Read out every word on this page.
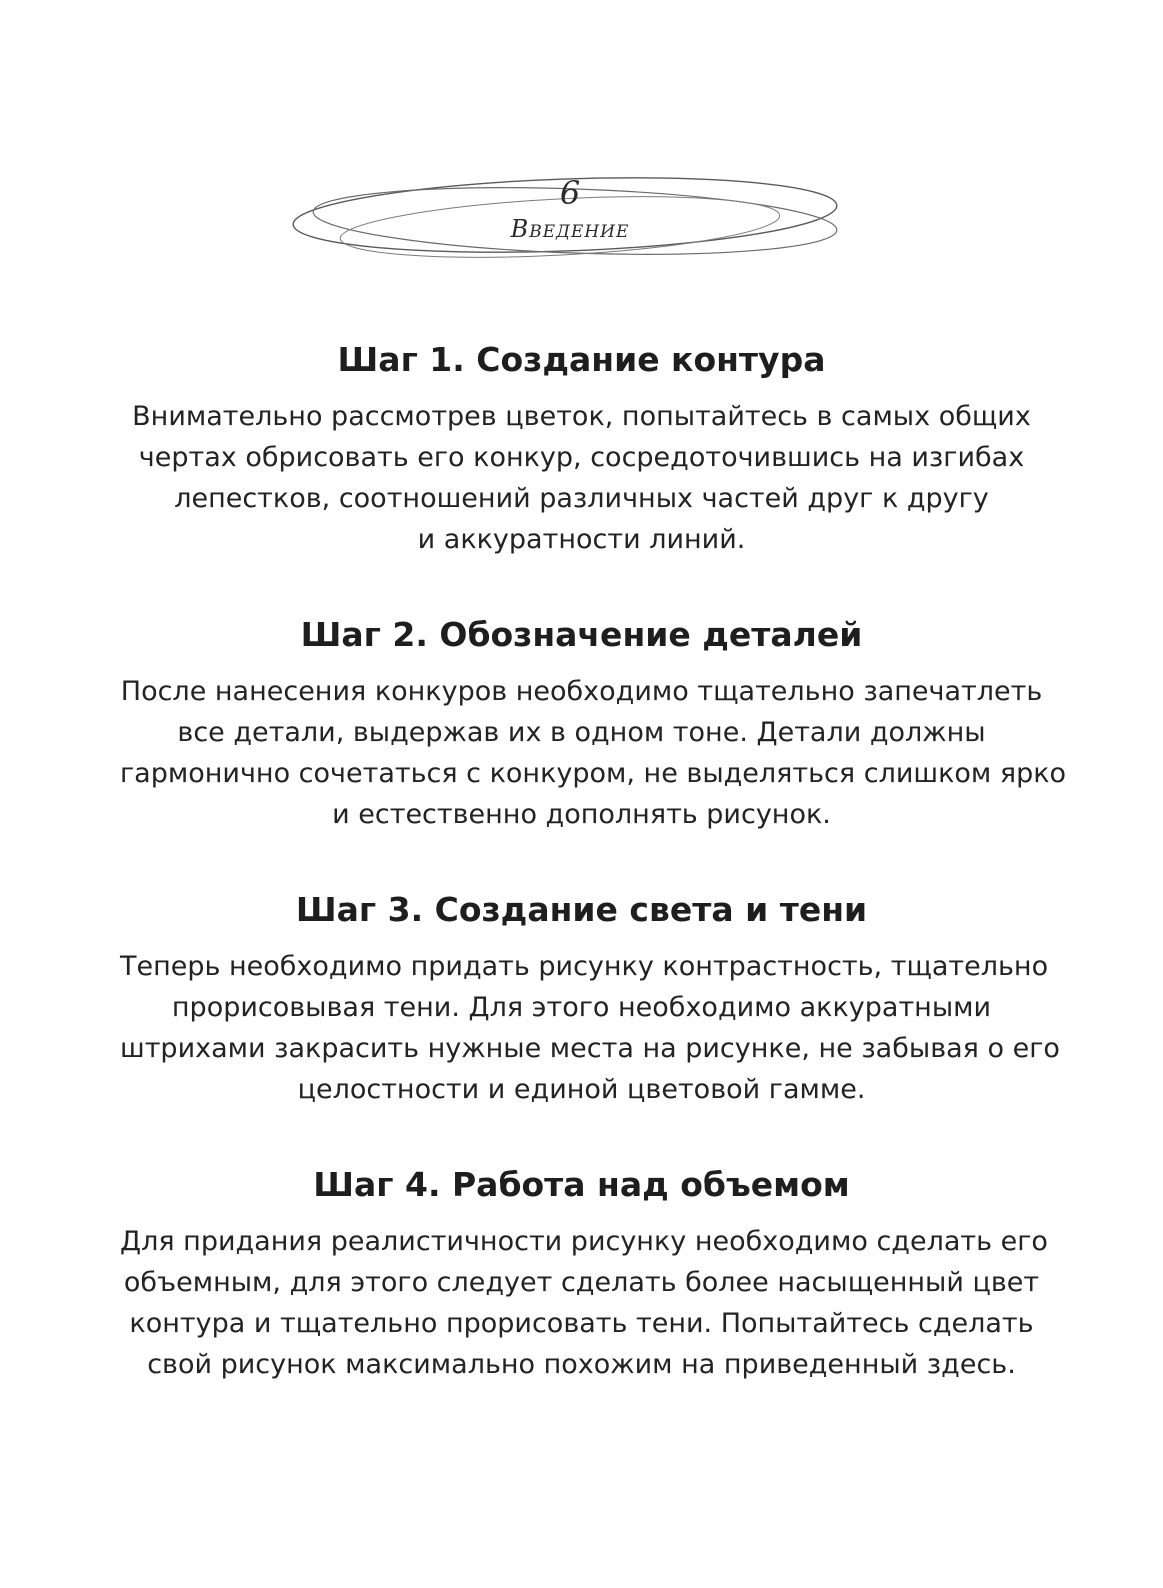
6
Введение
Шаг 1. Создание контура

Внимательно рассмотрев цветок, попытайтесь в самых общих
чертах обрисовать его конкур, сосредоточившись на изгибах
лепестков, соотношений различных частей друг к другу
и аккуратности линий.

Шаг 2. Обозначение деталей

После нанесения конкуров необходимо тщательно запечатлеть
все детали, выдержав их в одном тоне. Детали должны
гармонично сочетаться с конкуром, не выделяться слишком ярко
и естественно дополнять рисунок.

Шаг 3. Создание света и тени

Теперь необходимо придать рисунку контрастность, тщательно
прорисовывая тени. Для этого необходимо аккуратными
штрихами закрасить нужные места на рисунке, не забывая о его
целостности и единой цветовой гамме.

Шаг 4. Работа над объемом

Для придания реалистичности рисунку необходимо сделать его
объемным, для этого следует сделать более насыщенный цвет
контура и тщательно прорисовать тени. Попытайтесь сделать
свой рисунок максимально похожим на приведенный здесь.
